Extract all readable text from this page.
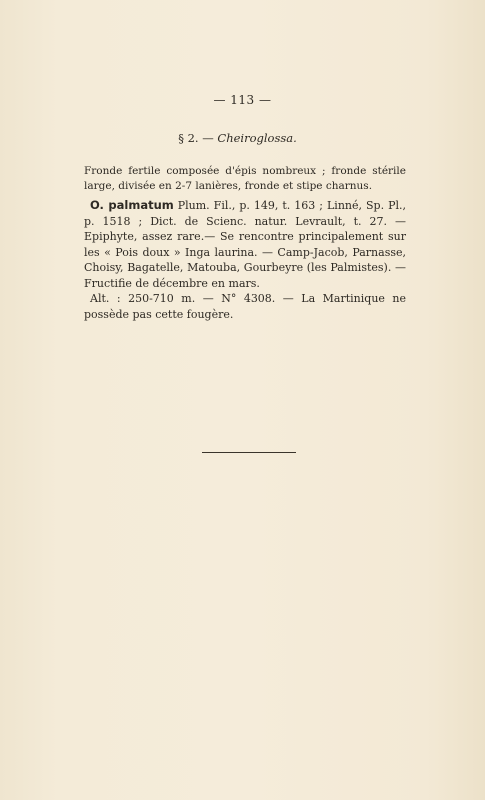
— 113 —
§ 2. — Cheiroglossa.
Fronde fertile composée d'épis nombreux ; fronde stérile large, divisée en 2-7 lanières, fronde et stipe charnus.

O. palmatum Plum. Fil., p. 149, t. 163 ; Linné, Sp. Pl., p. 1518 ; Dict. de Scienc. natur. Levrault, t. 27. — Epiphyte, assez rare.— Se rencontre principalement sur les « Pois doux » Inga laurina. — Camp-Jacob, Parnasse, Choisy, Bagatelle, Matouba, Gourbeyre (les Palmistes). — Fructifie de décembre en mars.

Alt. : 250-710 m. — N° 4308. — La Martinique ne possède pas cette fougère.
